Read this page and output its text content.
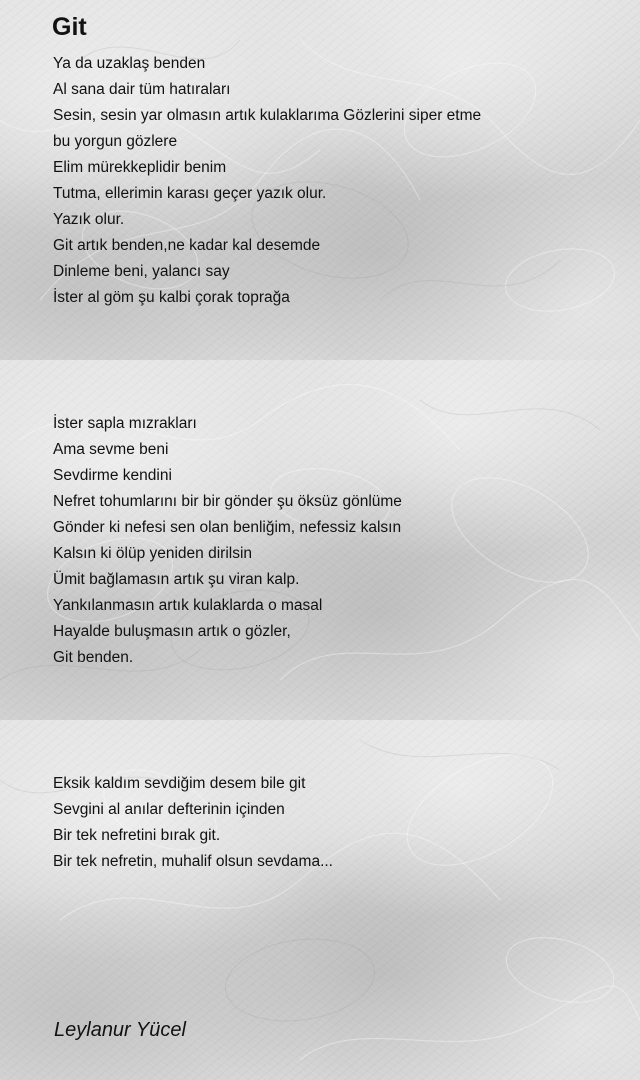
Git
Ya da uzaklaş benden
Al sana dair tüm hatıraları
Sesin, sesin yar olmasın artık kulaklarıma Gözlerini siper etme
bu yorgun gözlere
Elim mürekkeplidir benim
Tutma, ellerimin karası geçer yazık olur.
Yazık olur.
Git artık benden,ne kadar kal desemde
Dinleme beni, yalancı say
İster al göm şu kalbi çorak toprağa
İster sapla mızrakları
Ama sevme beni
Sevdirme kendini
Nefret tohumlarını bir bir gönder şu öksüz gönlüme
Gönder ki nefesi sen olan benliğim, nefessiz kalsın
Kalsın ki ölüp yeniden dirilsin
Ümit bağlamasın artık şu viran kalp.
Yankılanmasın artık kulaklarda o masal
Hayalde buluşmasın artık o gözler,
Git benden.
Eksik kaldım sevdiğim desem bile git
Sevgini al anılar defterinin içinden
Bir tek nefretini bırak git.
Bir tek nefretin, muhalif olsun sevdama...
Leylanur Yücel
